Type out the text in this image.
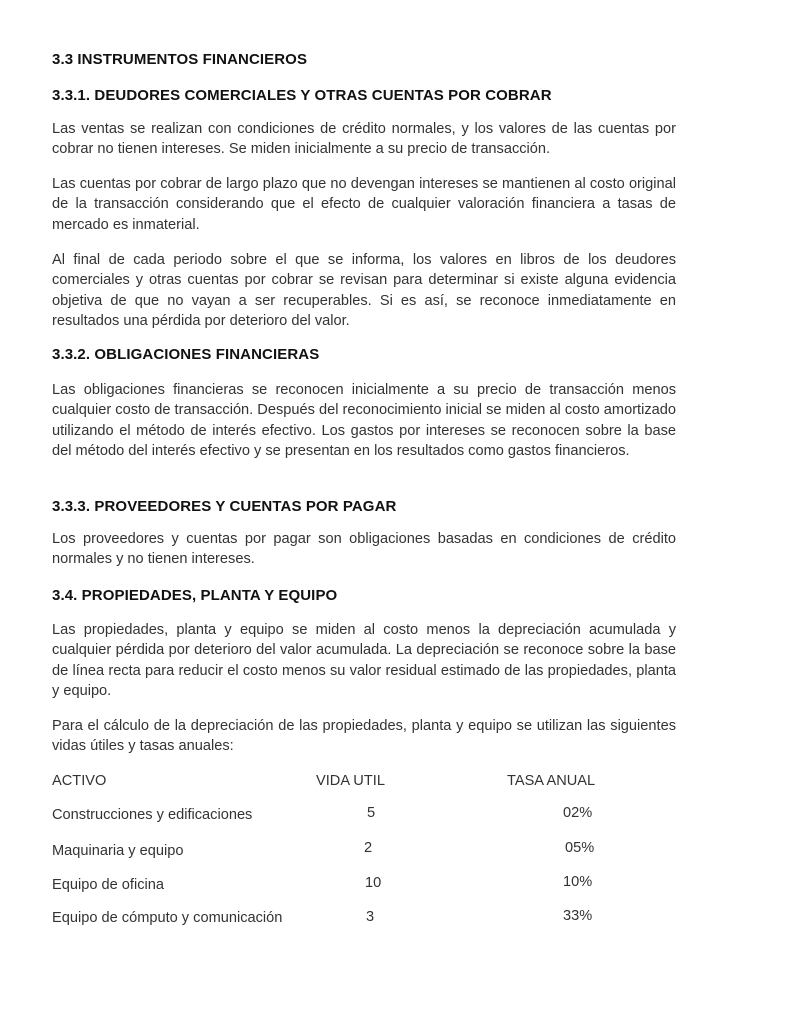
3.3 INSTRUMENTOS FINANCIEROS
3.3.1. DEUDORES COMERCIALES Y OTRAS CUENTAS POR COBRAR

Las ventas se realizan con condiciones de crédito normales, y los valores de las cuentas por cobrar no tienen intereses. Se miden inicialmente a su precio de transacción.

Las cuentas por cobrar de largo plazo que no devengan intereses se mantienen al costo original de la transacción considerando que el efecto de cualquier valoración financiera a tasas de mercado es inmaterial.

Al final de cada periodo sobre el que se informa, los valores en libros de los deudores comerciales y otras cuentas por cobrar se revisan para determinar si existe alguna evidencia objetiva de que no vayan a ser recuperables. Si es así, se reconoce inmediatamente en resultados una pérdida por deterioro del valor.

3.3.2. OBLIGACIONES FINANCIERAS

Las obligaciones financieras se reconocen inicialmente a su precio de transacción menos cualquier costo de transacción. Después del reconocimiento inicial se miden al costo amortizado utilizando el método de interés efectivo. Los gastos por intereses se reconocen sobre la base del método del interés efectivo y se presentan en los resultados como gastos financieros.

3.3.3. PROVEEDORES Y CUENTAS POR PAGAR

Los proveedores y cuentas por pagar son obligaciones basadas en condiciones de crédito normales y no tienen intereses.

3.4. PROPIEDADES, PLANTA Y EQUIPO

Las propiedades, planta y equipo se miden al costo menos la depreciación acumulada y cualquier pérdida por deterioro del valor acumulada. La depreciación se reconoce sobre la base de línea recta para reducir el costo menos su valor residual estimado de las propiedades, planta y equipo.

Para el cálculo de la depreciación de las propiedades, planta y equipo se utilizan las siguientes vidas útiles y tasas anuales:

ACTIVO	VIDA UTIL	TASA ANUAL
Construcciones y edificaciones	5	02%
Maquinaria y equipo	2	05%
Equipo de oficina	10	10%
Equipo de cómputo y comunicación	3	33%
